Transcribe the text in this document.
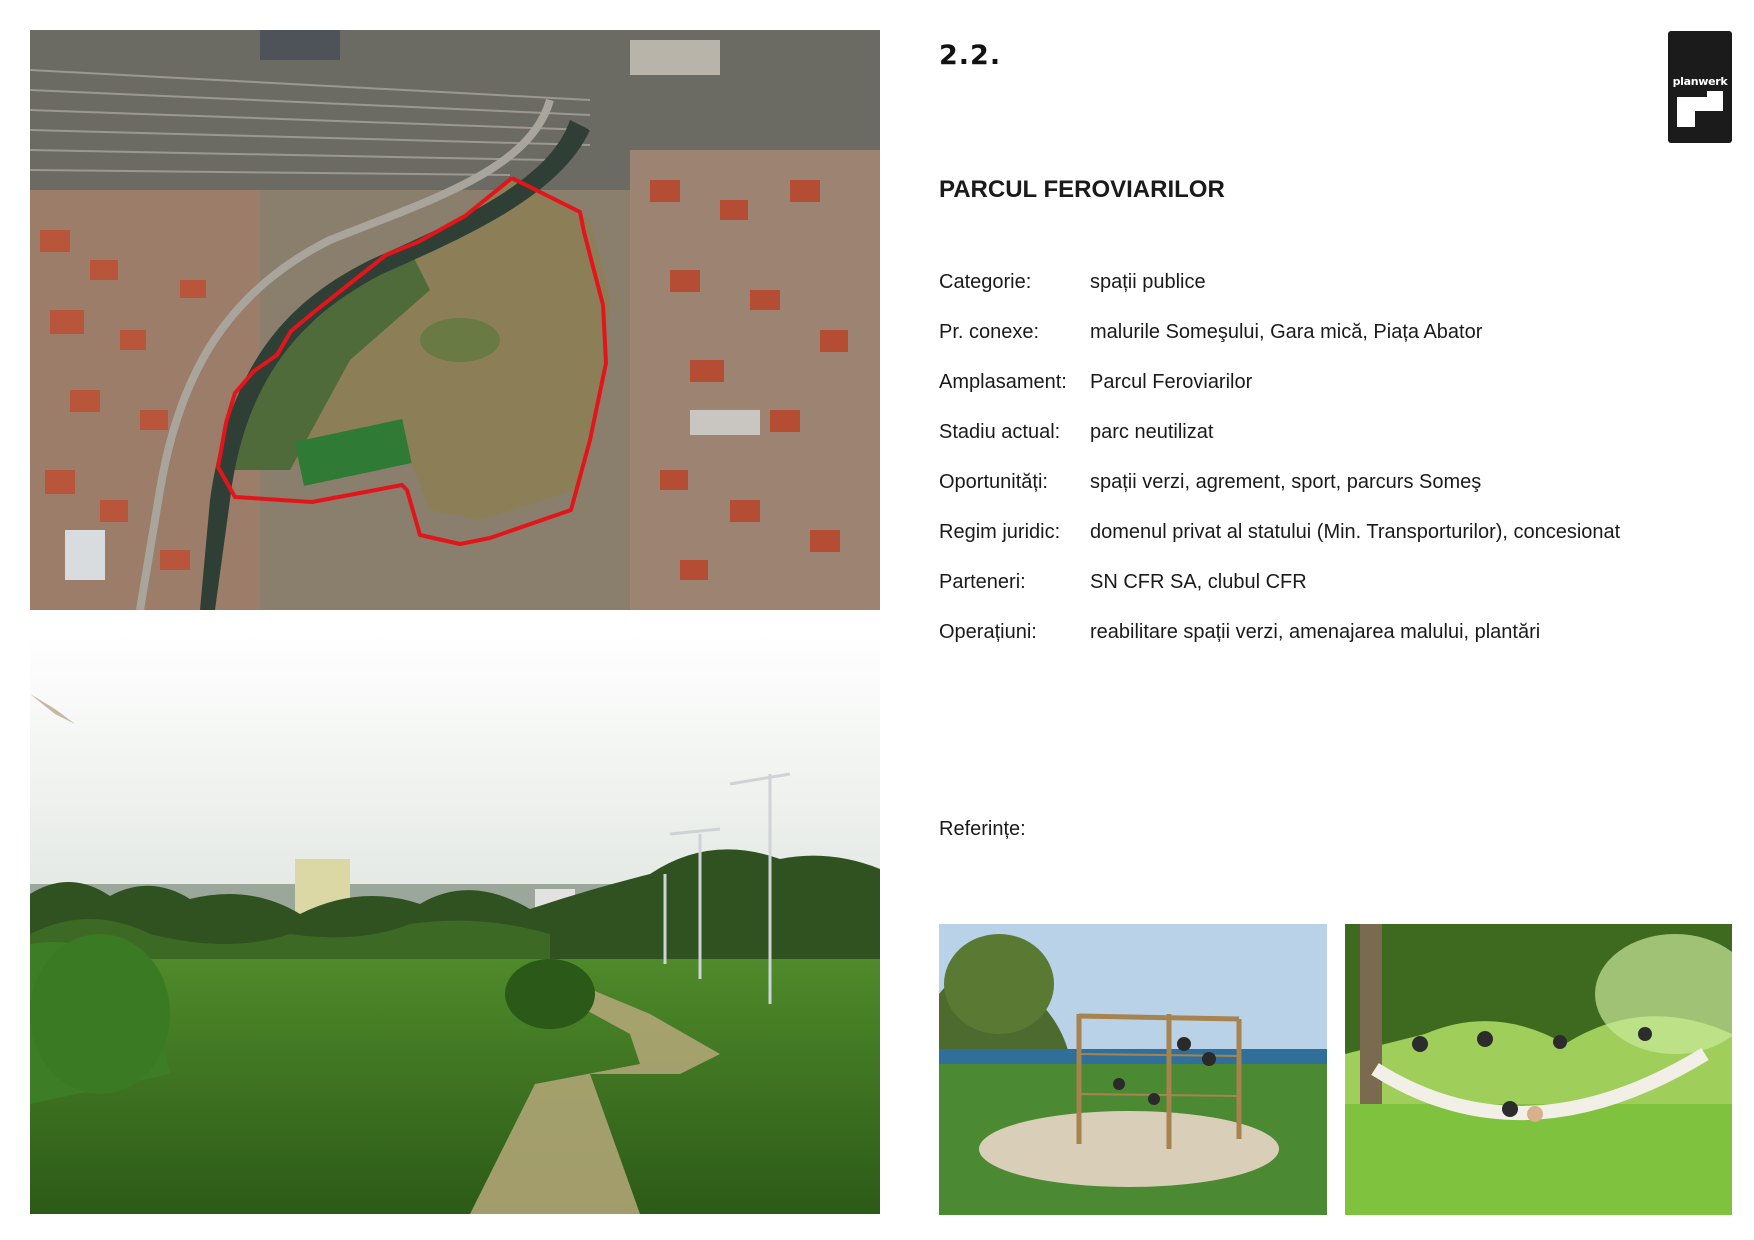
2.2.
planwerk
PARCUL FEROVIARILOR
Categorie:	spații publice
Pr. conexe:	malurile Someşului, Gara mică, Piața Abator
Amplasament: Parcul Feroviarilor
Stadiu actual: parc neutilizat
Oportunități: spații verzi, agrement, sport, parcurs Someş
Regim juridic: domenul privat al statului (Min. Transporturilor), concesionat
Parteneri:	SN CFR SA, clubul CFR
Operațiuni:	reabilitare spații verzi, amenajarea malului, plantări
Referințe:
